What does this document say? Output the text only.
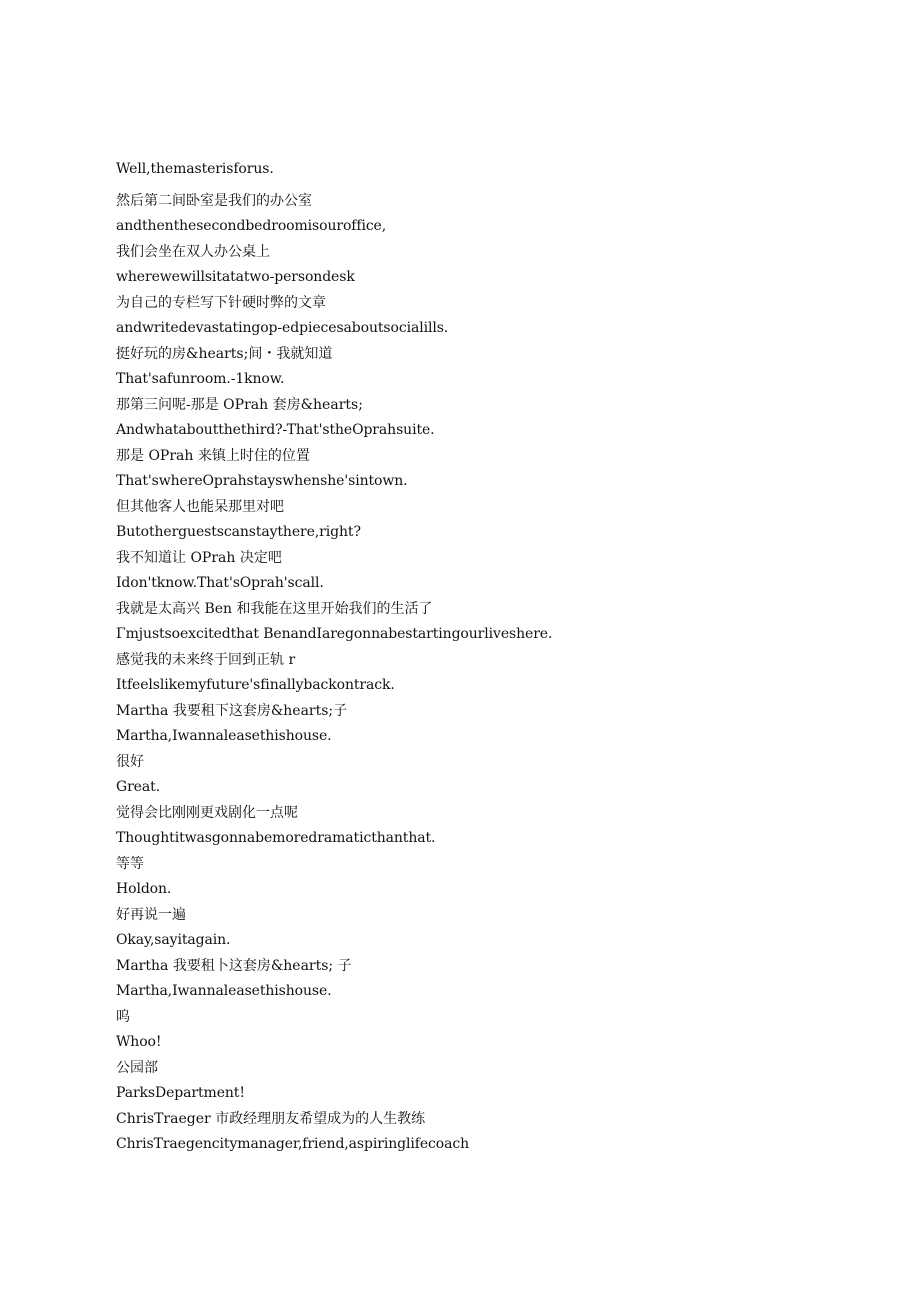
Well,themasterisforus.
然后第二间卧室是我们的办公室
andthenthesecondbedroomisouroffice,
我们会坐在双人办公桌上
wherewewillsitatatwo-persondesk
为自己的专栏写下针硬时弊的文章
andwritedevastatingop-edpiecesaboutsocialills.
挺好玩的房&hearts;间・我就知道
That'safunroom.-1know.
那第三问呢-那是 OPrah 套房&hearts;
Andwhataboutthethird?-That'stheOprahsuite.
那是 OPrah 来镇上时住的位置
That'swhereOprahstayswhenshe'sintown.
但其他客人也能呆那里对吧
Butotherguestscanstaythere,right?
我不知道让 OPrah 决定吧
Idon'tknow.That'sOprah'scall.
我就是太高兴 Ben 和我能在这里开始我们的生活了
Γmjustsoexcitedthat BenandIaregonnabestartingourliveshere.
感觉我的未来终于回到正轨 r
Itfeelslikemyfuture'sfinallybackontrack.
Martha 我要租下这套房&hearts;子
Martha,Iwannaleasethishouse.
很好
Great.
觉得会比刚刚更戏剧化一点呢
Thoughtitwasgonnabemoredramaticthanthat.
等等
Holdon.
好再说一遍
Okay,sayitagain.
Martha 我要租卜这套房&hearts; 子
Martha,Iwannaleasethishouse.
呜
Whoo!
公园部
ParksDepartment!
ChrisTraeger 市政经理朋友希望成为的人生教练
ChrisTraegencitymanager,friend,aspiringlifecoach
